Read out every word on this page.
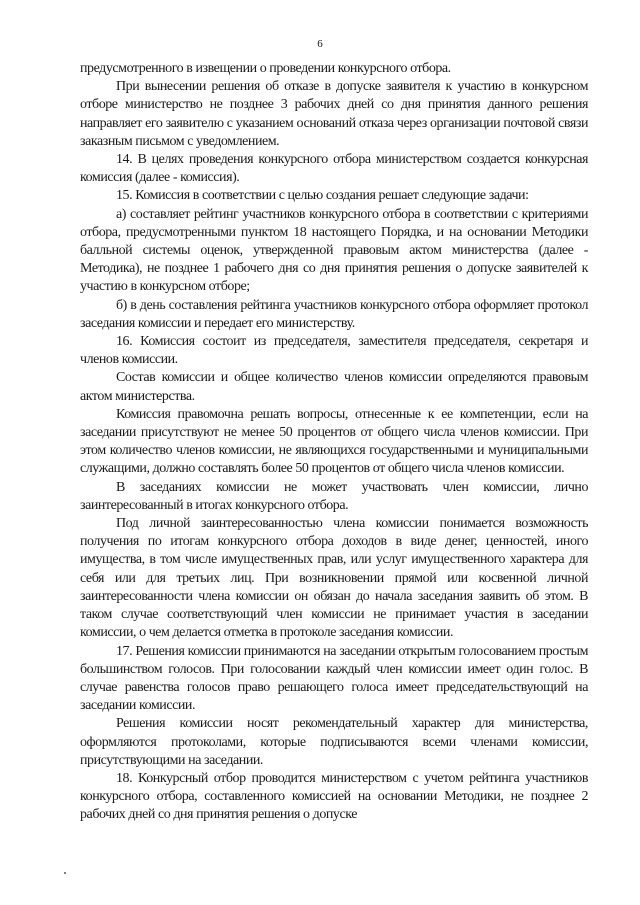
6

предусмотренного в извещении о проведении конкурсного отбора.

При вынесении решения об отказе в допуске заявителя к участию в конкурсном отборе министерство не позднее 3 рабочих дней со дня принятия данного решения направляет его заявителю с указанием оснований отказа через организации почтовой связи заказным письмом с уведомлением.

14. В целях проведения конкурсного отбора министерством создается конкурсная комиссия (далее - комиссия).

15. Комиссия в соответствии с целью создания решает следующие задачи:

а) составляет рейтинг участников конкурсного отбора в соответствии с критериями отбора, предусмотренными пунктом 18 настоящего Порядка, и на основании Методики балльной системы оценок, утвержденной правовым актом министерства (далее - Методика), не позднее 1 рабочего дня со дня принятия решения о допуске заявителей к участию в конкурсном отборе;

б) в день составления рейтинга участников конкурсного отбора оформляет протокол заседания комиссии и передает его министерству.

16. Комиссия состоит из председателя, заместителя председателя, секретаря и членов комиссии.

Состав комиссии и общее количество членов комиссии определяются правовым актом министерства.

Комиссия правомочна решать вопросы, отнесенные к ее компетенции, если на заседании присутствуют не менее 50 процентов от общего числа членов комиссии. При этом количество членов комиссии, не являющихся государственными и муниципальными служащими, должно составлять более 50 процентов от общего числа членов комиссии.

В заседаниях комиссии не может участвовать член комиссии, лично заинтересованный в итогах конкурсного отбора.

Под личной заинтересованностью члена комиссии понимается возможность получения по итогам конкурсного отбора доходов в виде денег, ценностей, иного имущества, в том числе имущественных прав, или услуг имущественного характера для себя или для третьих лиц. При возникновении прямой или косвенной личной заинтересованности члена комиссии он обязан до начала заседания заявить об этом. В таком случае соответствующий член комиссии не принимает участия в заседании комиссии, о чем делается отметка в протоколе заседания комиссии.

17. Решения комиссии принимаются на заседании открытым голосованием простым большинством голосов. При голосовании каждый член комиссии имеет один голос. В случае равенства голосов право решающего голоса имеет председательствующий на заседании комиссии.

Решения комиссии носят рекомендательный характер для министерства, оформляются протоколами, которые подписываются всеми членами комиссии, присутствующими на заседании.

18. Конкурсный отбор проводится министерством с учетом рейтинга участников конкурсного отбора, составленного комиссией на основании Методики, не позднее 2 рабочих дней со дня принятия решения о допуске
